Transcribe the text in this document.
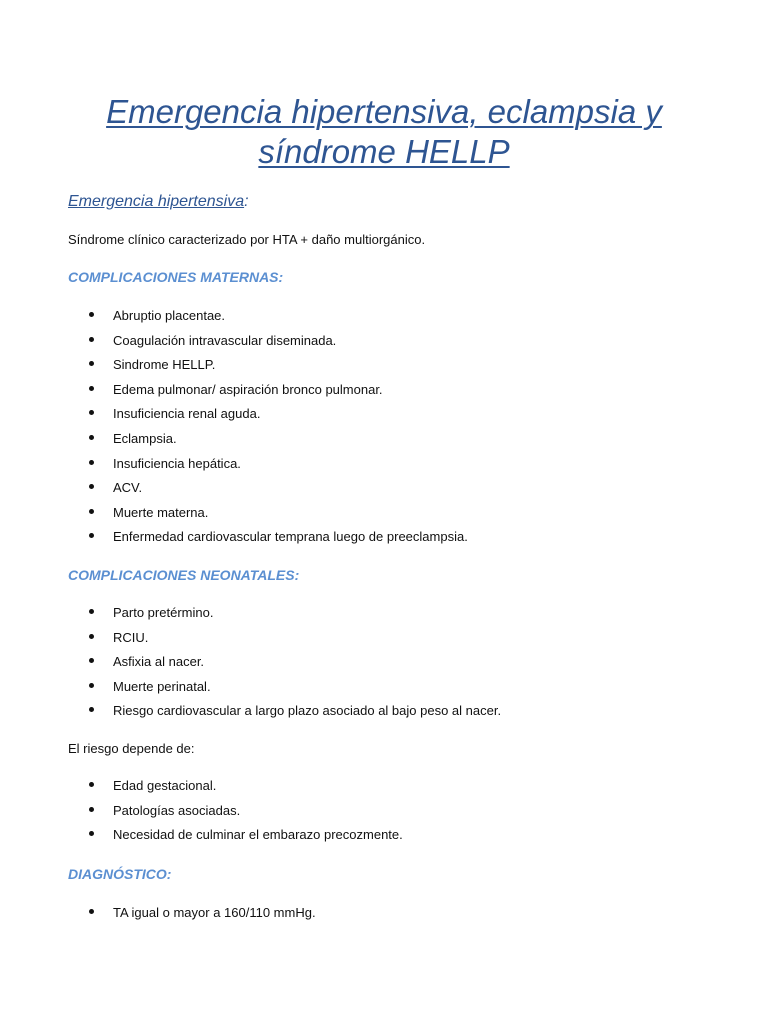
Emergencia hipertensiva, eclampsia y síndrome HELLP
Emergencia hipertensiva:

Síndrome clínico caracterizado por HTA + daño multiorgánico.

COMPLICACIONES MATERNAS:
Abruptio placentae.
Coagulación intravascular diseminada.
Sindrome HELLP.
Edema pulmonar/ aspiración bronco pulmonar.
Insuficiencia renal aguda.
Eclampsia.
Insuficiencia hepática.
ACV.
Muerte materna.
Enfermedad cardiovascular temprana luego de preeclampsia.
COMPLICACIONES NEONATALES:
Parto pretérmino.
RCIU.
Asfixia al nacer.
Muerte perinatal.
Riesgo cardiovascular a largo plazo asociado al bajo peso al nacer.

El riesgo depende de:

Edad gestacional.
Patologías asociadas.
Necesidad de culminar el embarazo precozmente.
DIAGNÓSTICO:
TA igual o mayor a 160/110 mmHg.
